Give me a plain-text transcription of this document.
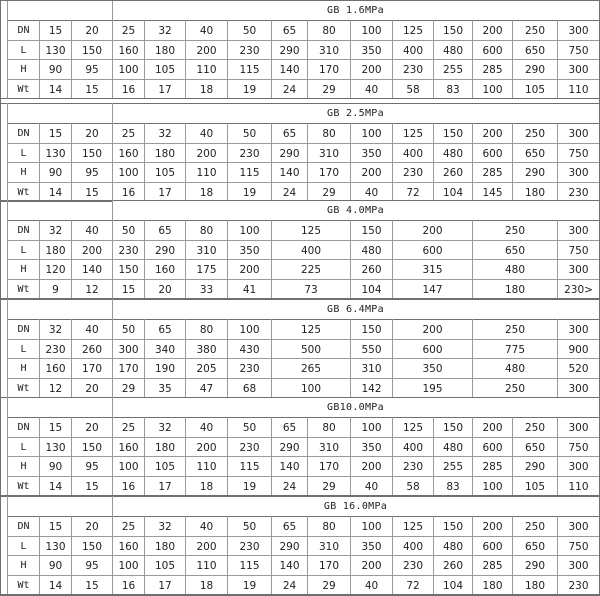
GB 1.6MPa
DN	15	20	25	32	40	50	65	80	100	125	150	200	250	300
L	130	150	160	180	200	230	290	310	350	400	480	600	650	750
H	90	95	100	105	110	115	140	170	200	230	255	285	290	300
Wt	14	15	16	17	18	19	24	29	40	58	83	100	105	110
GB 2.5MPa
DN	15	20	25	32	40	50	65	80	100	125	150	200	250	300
L	130	150	160	180	200	230	290	310	350	400	480	600	650	750
H	90	95	100	105	110	115	140	170	200	230	260	285	290	300
Wt	14	15	16	17	18	19	24	29	40	72	104	145	180	230
GB 4.0MPa
DN	32	40	50	65	80	100	125	150	200	250	300
L	180	200	230	290	310	350	400	480	600	650	750
H	120	140	150	160	175	200	225	260	315	480	300
Wt	9	12	15	20	33	41	73	104	147	180	230>
GB 6.4MPa
DN	32	40	50	65	80	100	125	150	200	250	300
L	230	260	300	340	380	430	500	550	600	775	900
H	160	170	170	190	205	230	265	310	350	480	520
Wt	12	20	29	35	47	68	100	142	195	250	300
GB10.0MPa
DN	15	20	25	32	40	50	65	80	100	125	150	200	250	300
L	130	150	160	180	200	230	290	310	350	400	480	600	650	750
H	90	95	100	105	110	115	140	170	200	230	255	285	290	300
Wt	14	15	16	17	18	19	24	29	40	58	83	100	105	110
GB 16.0MPa
DN	15	20	25	32	40	50	65	80	100	125	150	200	250	300
L	130	150	160	180	200	230	290	310	350	400	480	600	650	750
H	90	95	100	105	110	115	140	170	200	230	260	285	290	300
Wt	14	15	16	17	18	19	24	29	40	72	104	180	180	230
